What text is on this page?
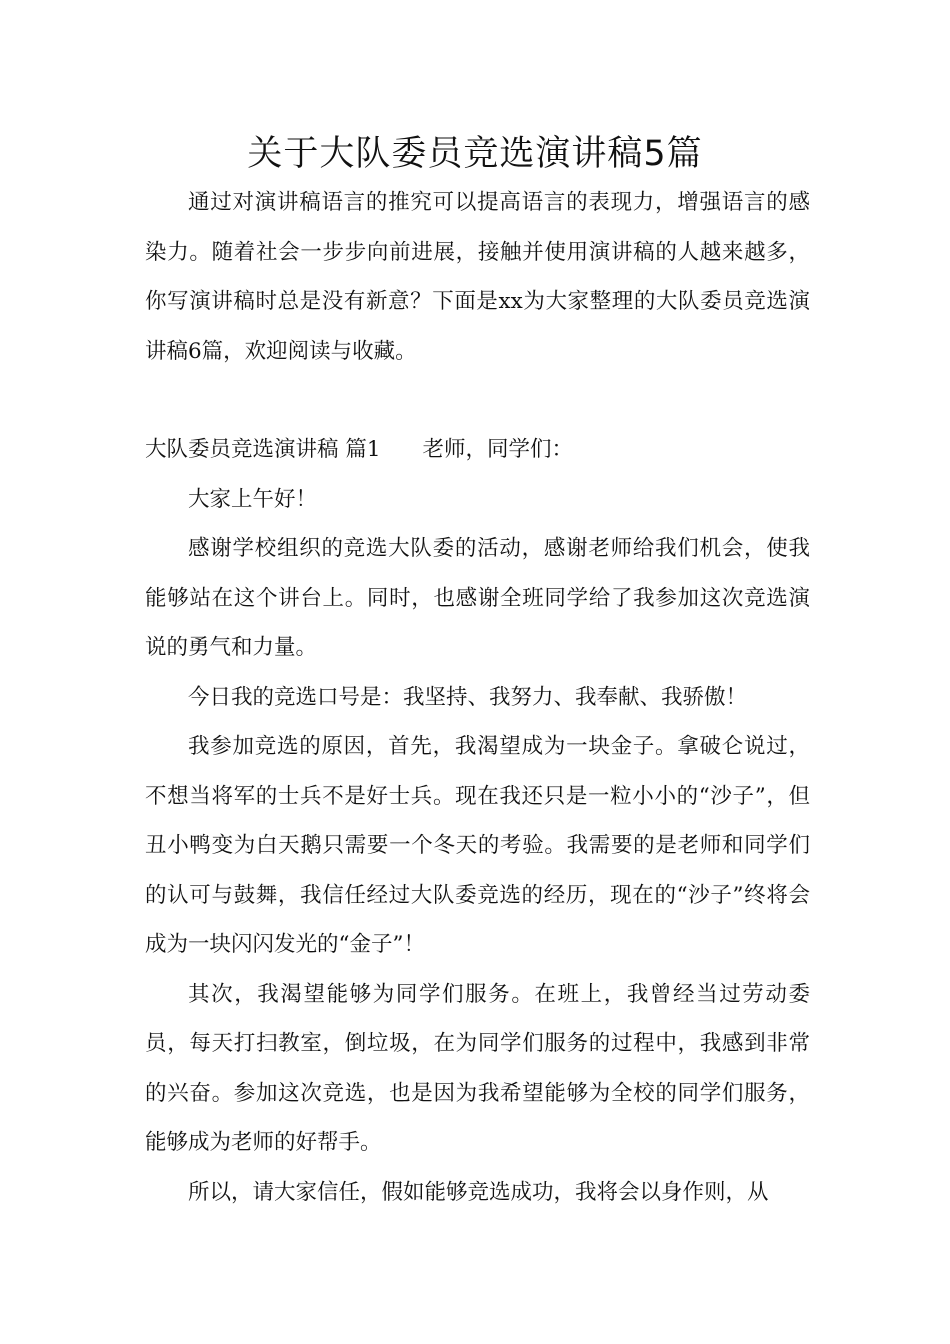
关于大队委员竞选演讲稿5篇

通过对演讲稿语言的推究可以提高语言的表现力，增强语言的感染力。随着社会一步步向前进展，接触并使用演讲稿的人越来越多，你写演讲稿时总是没有新意？下面是xx为大家整理的大队委员竞选演讲稿6篇，欢迎阅读与收藏。

大队委员竞选演讲稿 篇1 老师，同学们：

大家上午好！

感谢学校组织的竞选大队委的活动，感谢老师给我们机会，使我能够站在这个讲台上。同时，也感谢全班同学给了我参加这次竞选演说的勇气和力量。

今日我的竞选口号是：我坚持、我努力、我奉献、我骄傲！

我参加竞选的原因，首先，我渴望成为一块金子。拿破仑说过，不想当将军的士兵不是好士兵。现在我还只是一粒小小的“沙子”，但丑小鸭变为白天鹅只需要一个冬天的考验。我需要的是老师和同学们的认可与鼓舞，我信任经过大队委竞选的经历，现在的“沙子”终将会成为一块闪闪发光的“金子”！

其次，我渴望能够为同学们服务。在班上，我曾经当过劳动委员，每天打扫教室，倒垃圾，在为同学们服务的过程中，我感到非常的兴奋。参加这次竞选，也是因为我希望能够为全校的同学们服务，能够成为老师的好帮手。

所以，请大家信任，假如能够竞选成功，我将会以身作则，从
